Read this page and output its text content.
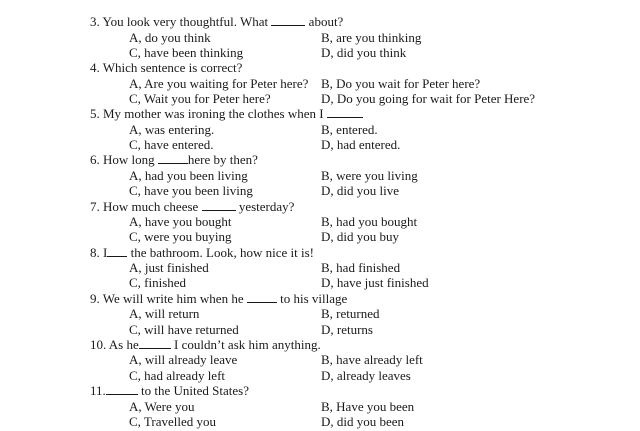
3. You look very thoughtful. What	about?
A, do you think	B, are you thinking
C, have been thinking	D, did you think
4. Which sentence is correct?
A, Are you waiting for Peter here? B, Do you wait for Peter here?
C, Wait you for Peter here?	D, Do you going for wait for Peter Here?
5. My mother was ironing the clothes when I
A, was entering.	B, entered.
C, have entered.	D, had entered.
6. How long	here by then?
A, had you been living	B, were you living
C, have you been living	D, did you live
7. How much cheese	yesterday?
A, have you bought	B, had you bought
C, were you buying	D, did you buy
8. I the bathroom. Look, how nice it is!
A, just finished	B, had finished
C, finished	D, have just finished
9. We will write him when he	to his village
A, will return	B, returned
C, will have returned	D, returns
10. As he	I couldn’t ask him anything.
A, will already leave	B, have already left
C, had already left	D, already leaves
11.	to the United States?
A, Were you	B, Have you been
C, Travelled you	D, did you been
